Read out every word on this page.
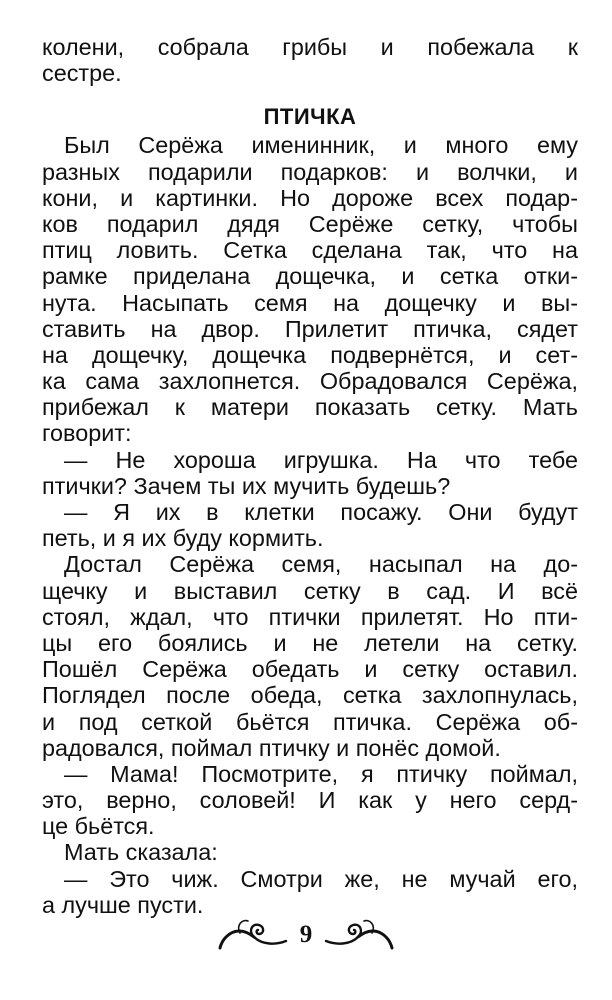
колени, собрала грибы и побежала к
сестре.
ПТИЧКА
Был Серёжа именинник, и много ему
разных подарили подарков: и волчки, и
кони, и картинки. Но дороже всех подар-
ков подарил дядя Серёже сетку, чтобы
птиц ловить. Сетка сделана так, что на
рамке приделана дощечка, и сетка отки-
нута. Насыпать семя на дощечку и вы-
ставить на двор. Прилетит птичка, сядет
на дощечку, дощечка подвернётся, и сет-
ка сама захлопнется. Обрадовался Серёжа,
прибежал к матери показать сетку. Мать
говорит:
— Не хороша игрушка. На что тебе
птички? Зачем ты их мучить будешь?
— Я их в клетки посажу. Они будут
петь, и я их буду кормить.
Достал Серёжа семя, насыпал на до-
щечку и выставил сетку в сад. И всё
стоял, ждал, что птички прилетят. Но пти-
цы его боялись и не летели на сетку.
Пошёл Серёжа обедать и сетку оставил.
Поглядел после обеда, сетка захлопнулась,
и под сеткой бьётся птичка. Серёжа об-
радовался, поймал птичку и понёс домой.
— Мама! Посмотрите, я птичку поймал,
это, верно, соловей! И как у него серд-
це бьётся.
Мать сказала:
— Это чиж. Смотри же, не мучай его,
а лучше пусти.
9
